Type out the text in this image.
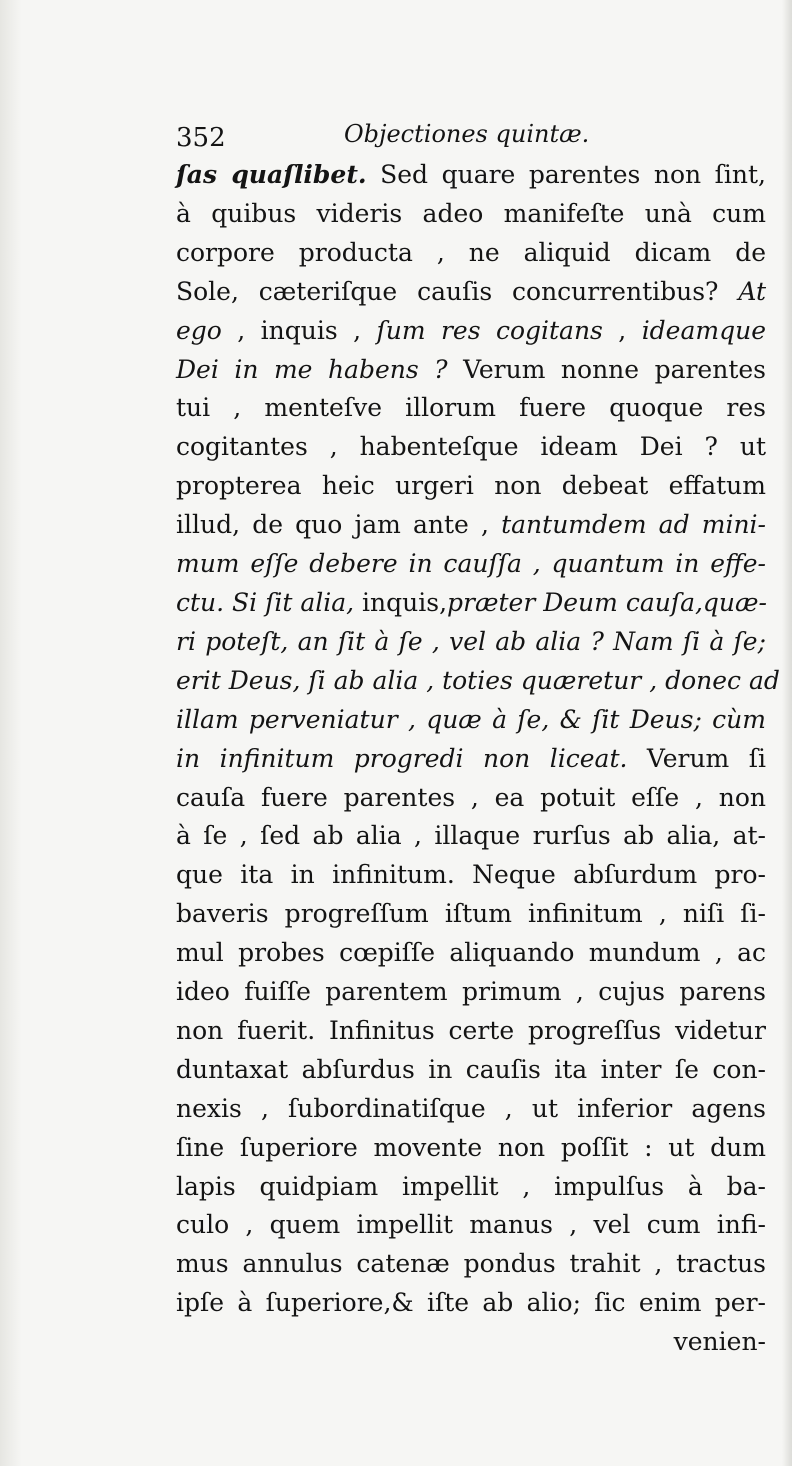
352	Objectiones quintæ.
ſas quaſlibet. Sed quare parentes non ſint,
à quibus videris adeo manifeſte unà cum
corpore producta , ne aliquid dicam de
Sole, cæteriſque cauſis concurrentibus? At
ego , inquis , ſum res cogitans , ideamque
Dei in me habens ? Verum nonne parentes
tui , menteſve illorum fuere quoque res
cogitantes , habenteſque ideam Dei ? ut
propterea heic urgeri non debeat effatum
illud, de quo jam ante , tantumdem ad mini-
mum eſſe debere in cauſſa , quantum in effe-
ctu. Si ſit alia, inquis,præter Deum cauſa,quæ-
ri poteſt, an ſit à ſe , vel ab alia ? Nam ſi à ſe;
erit Deus, ſi ab alia , toties quæretur , donec ad
illam perveniatur , quæ à ſe, & ſit Deus; cùm
in infinitum progredi non liceat. Verum ſi
cauſa fuere parentes , ea potuit eſſe , non
à ſe , ſed ab alia , illaque rurſus ab alia, at-
que ita in infinitum. Neque abſurdum pro-
baveris progreſſum iſtum infinitum , niſi ſi-
mul probes cœpiſſe aliquando mundum , ac
ideo fuiſſe parentem primum , cujus parens
non fuerit. Infinitus certe progreſſus videtur
duntaxat abſurdus in cauſis ita inter ſe con-
nexis , ſubordinatiſque , ut inferior agens
ſine ſuperiore movente non poſſit : ut dum
lapis quidpiam impellit , impulſus à ba-
culo , quem impellit manus , vel cum infi-
mus annulus catenæ pondus trahit , tractus
ipſe à ſuperiore,& iſte ab alio; ſic enim per-
venien-
